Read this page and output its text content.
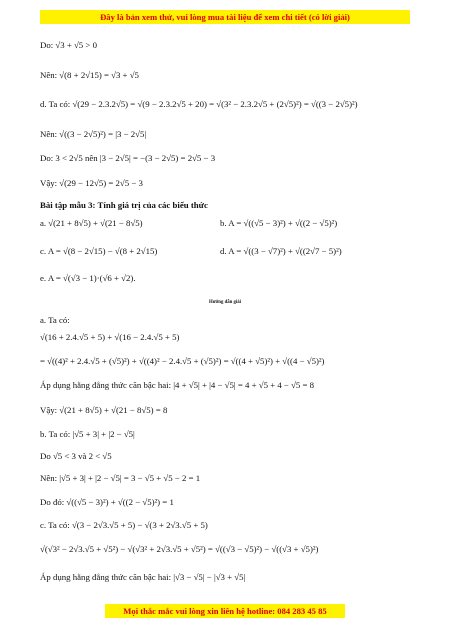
Đây là bản xem thử, vui lòng mua tài liệu để xem chi tiết (có lời giải)
Do: √3 + √5 > 0
Nên: √(8 + 2√15) = √3 + √5
d. Ta có: √(29 − 2.3.2√5) = √(9 − 2.3.2√5 + 20) = √(3² − 2.3.2√5 + (2√5)²) = √((3 − 2√5)²)
Nên: √((3 − 2√5)²) = |3 − 2√5|
Do: 3 < 2√5 nên |3 − 2√5| = −(3 − 2√5) = 2√5 − 3
Vậy: √(29 − 12√5) = 2√5 − 3
Bài tập mẫu 3: Tính giá trị của các biểu thức
a. √(21 + 8√5) + √(21 − 8√5)	b. A = √((√5 − 3)²) + √((2 − √5)²)
c. A = √(8 − 2√15) − √(8 + 2√15)	d. A = √((3 − √7)²) + √((2√7 − 5)²)
e. A = √(√3 − 1)·(√6 + √2).
Hướng dẫn giải
a. Ta có:
√(16 + 2.4.√5 + 5) + √(16 − 2.4.√5 + 5)
= √((4)² + 2.4.√5 + (√5)²) + √((4)² − 2.4.√5 + (√5)²) = √((4 + √5)²) + √((4 − √5)²)
Áp dụng hằng đẳng thức căn bậc hai: |4 + √5| + |4 − √5| = 4 + √5 + 4 − √5 = 8
Vậy: √(21 + 8√5) + √(21 − 8√5) = 8
b. Ta có: |√5 + 3| + |2 − √5|
Do √5 < 3 và 2 < √5
Nên: |√5 + 3| + |2 − √5| = 3 − √5 + √5 − 2 = 1
Do đó: √((√5 − 3)²) + √((2 − √5)²) = 1
c. Ta có: √(3 − 2√3.√5 + 5) − √(3 + 2√3.√5 + 5)
√(√3² − 2√3.√5 + √5²) − √(√3² + 2√3.√5 + √5²) = √((√3 − √5)²) − √((√3 + √5)²)
Áp dụng hằng đẳng thức căn bậc hai: |√3 − √5| − |√3 + √5|
Mọi thắc mắc vui lòng xin liên hệ hotline: 084 283 45 85
